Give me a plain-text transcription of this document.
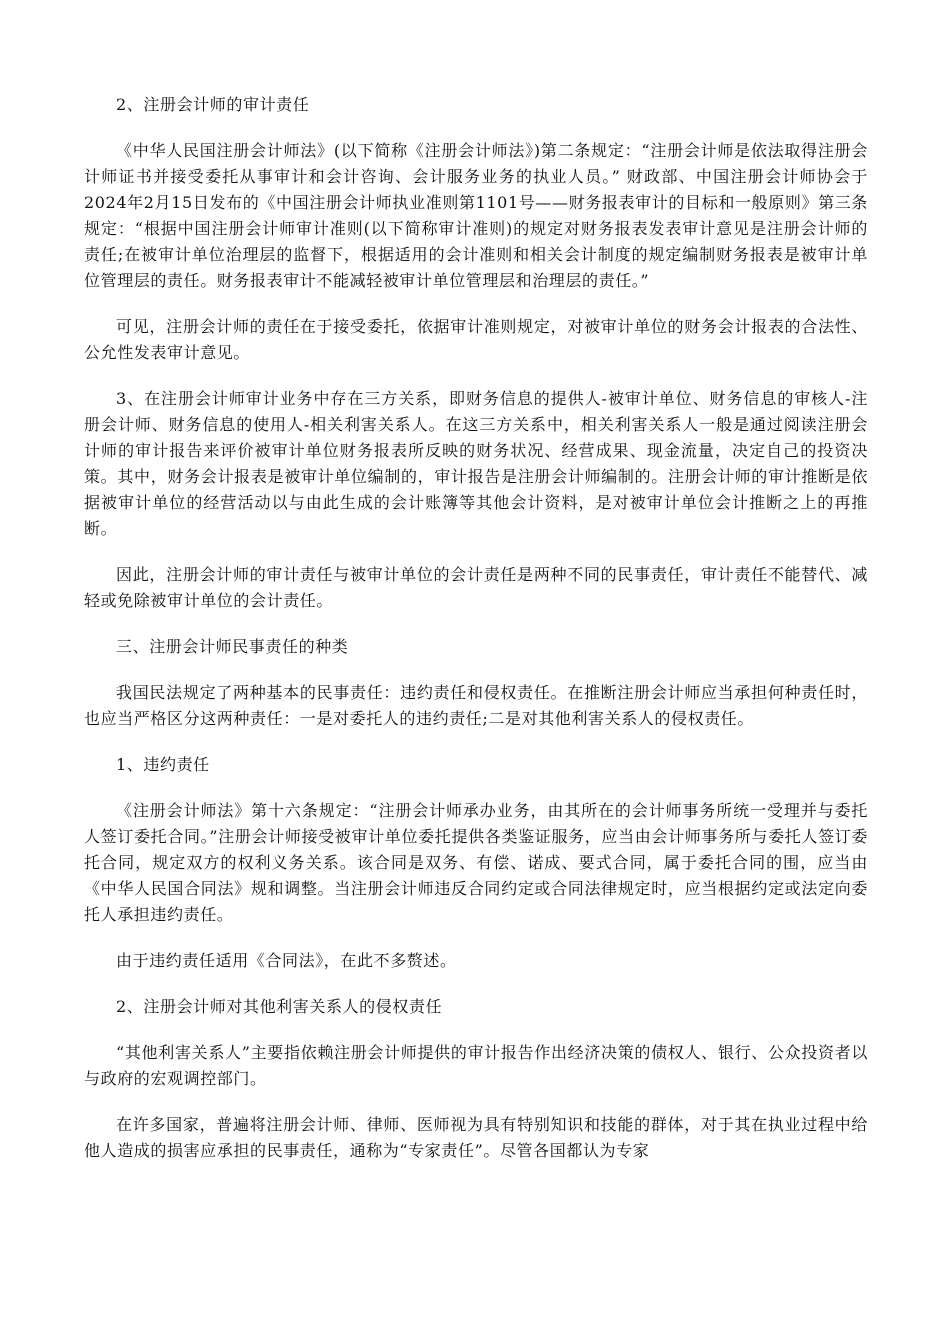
2、注册会计师的审计责任

《中华人民国注册会计师法》(以下简称《注册会计师法》)第二条规定：“注册会计师是依法取得注册会计师证书并接受委托从事审计和会计咨询、会计服务业务的执业人员。” 财政部、中国注册会计师协会于2024年2月15日发布的《中国注册会计师执业准则第1101号——财务报表审计的目标和一般原则》第三条规定：“根据中国注册会计师审计准则(以下简称审计准则)的规定对财务报表发表审计意见是注册会计师的责任;在被审计单位治理层的监督下，根据适用的会计准则和相关会计制度的规定编制财务报表是被审计单位管理层的责任。财务报表审计不能减轻被审计单位管理层和治理层的责任。”

可见，注册会计师的责任在于接受委托，依据审计准则规定，对被审计单位的财务会计报表的合法性、公允性发表审计意见。

3、在注册会计师审计业务中存在三方关系，即财务信息的提供人-被审计单位、财务信息的审核人-注册会计师、财务信息的使用人-相关利害关系人。在这三方关系中，相关利害关系人一般是通过阅读注册会计师的审计报告来评价被审计单位财务报表所反映的财务状况、经营成果、现金流量，决定自己的投资决策。其中，财务会计报表是被审计单位编制的，审计报告是注册会计师编制的。注册会计师的审计推断是依据被审计单位的经营活动以与由此生成的会计账簿等其他会计资料，是对被审计单位会计推断之上的再推断。

因此，注册会计师的审计责任与被审计单位的会计责任是两种不同的民事责任，审计责任不能替代、减轻或免除被审计单位的会计责任。

三、注册会计师民事责任的种类

我国民法规定了两种基本的民事责任：违约责任和侵权责任。在推断注册会计师应当承担何种责任时，也应当严格区分这两种责任：一是对委托人的违约责任;二是对其他利害关系人的侵权责任。

1、违约责任

《注册会计师法》第十六条规定：“注册会计师承办业务，由其所在的会计师事务所统一受理并与委托人签订委托合同。”注册会计师接受被审计单位委托提供各类鉴证服务，应当由会计师事务所与委托人签订委托合同，规定双方的权利义务关系。该合同是双务、有偿、诺成、要式合同，属于委托合同的围，应当由《中华人民国合同法》规和调整。当注册会计师违反合同约定或合同法律规定时，应当根据约定或法定向委托人承担违约责任。

由于违约责任适用《合同法》，在此不多赘述。

2、注册会计师对其他利害关系人的侵权责任

“其他利害关系人”主要指依赖注册会计师提供的审计报告作出经济决策的债权人、银行、公众投资者以与政府的宏观调控部门。

在许多国家，普遍将注册会计师、律师、医师视为具有特别知识和技能的群体，对于其在执业过程中给他人造成的损害应承担的民事责任，通称为“专家责任”。尽管各国都认为专家
